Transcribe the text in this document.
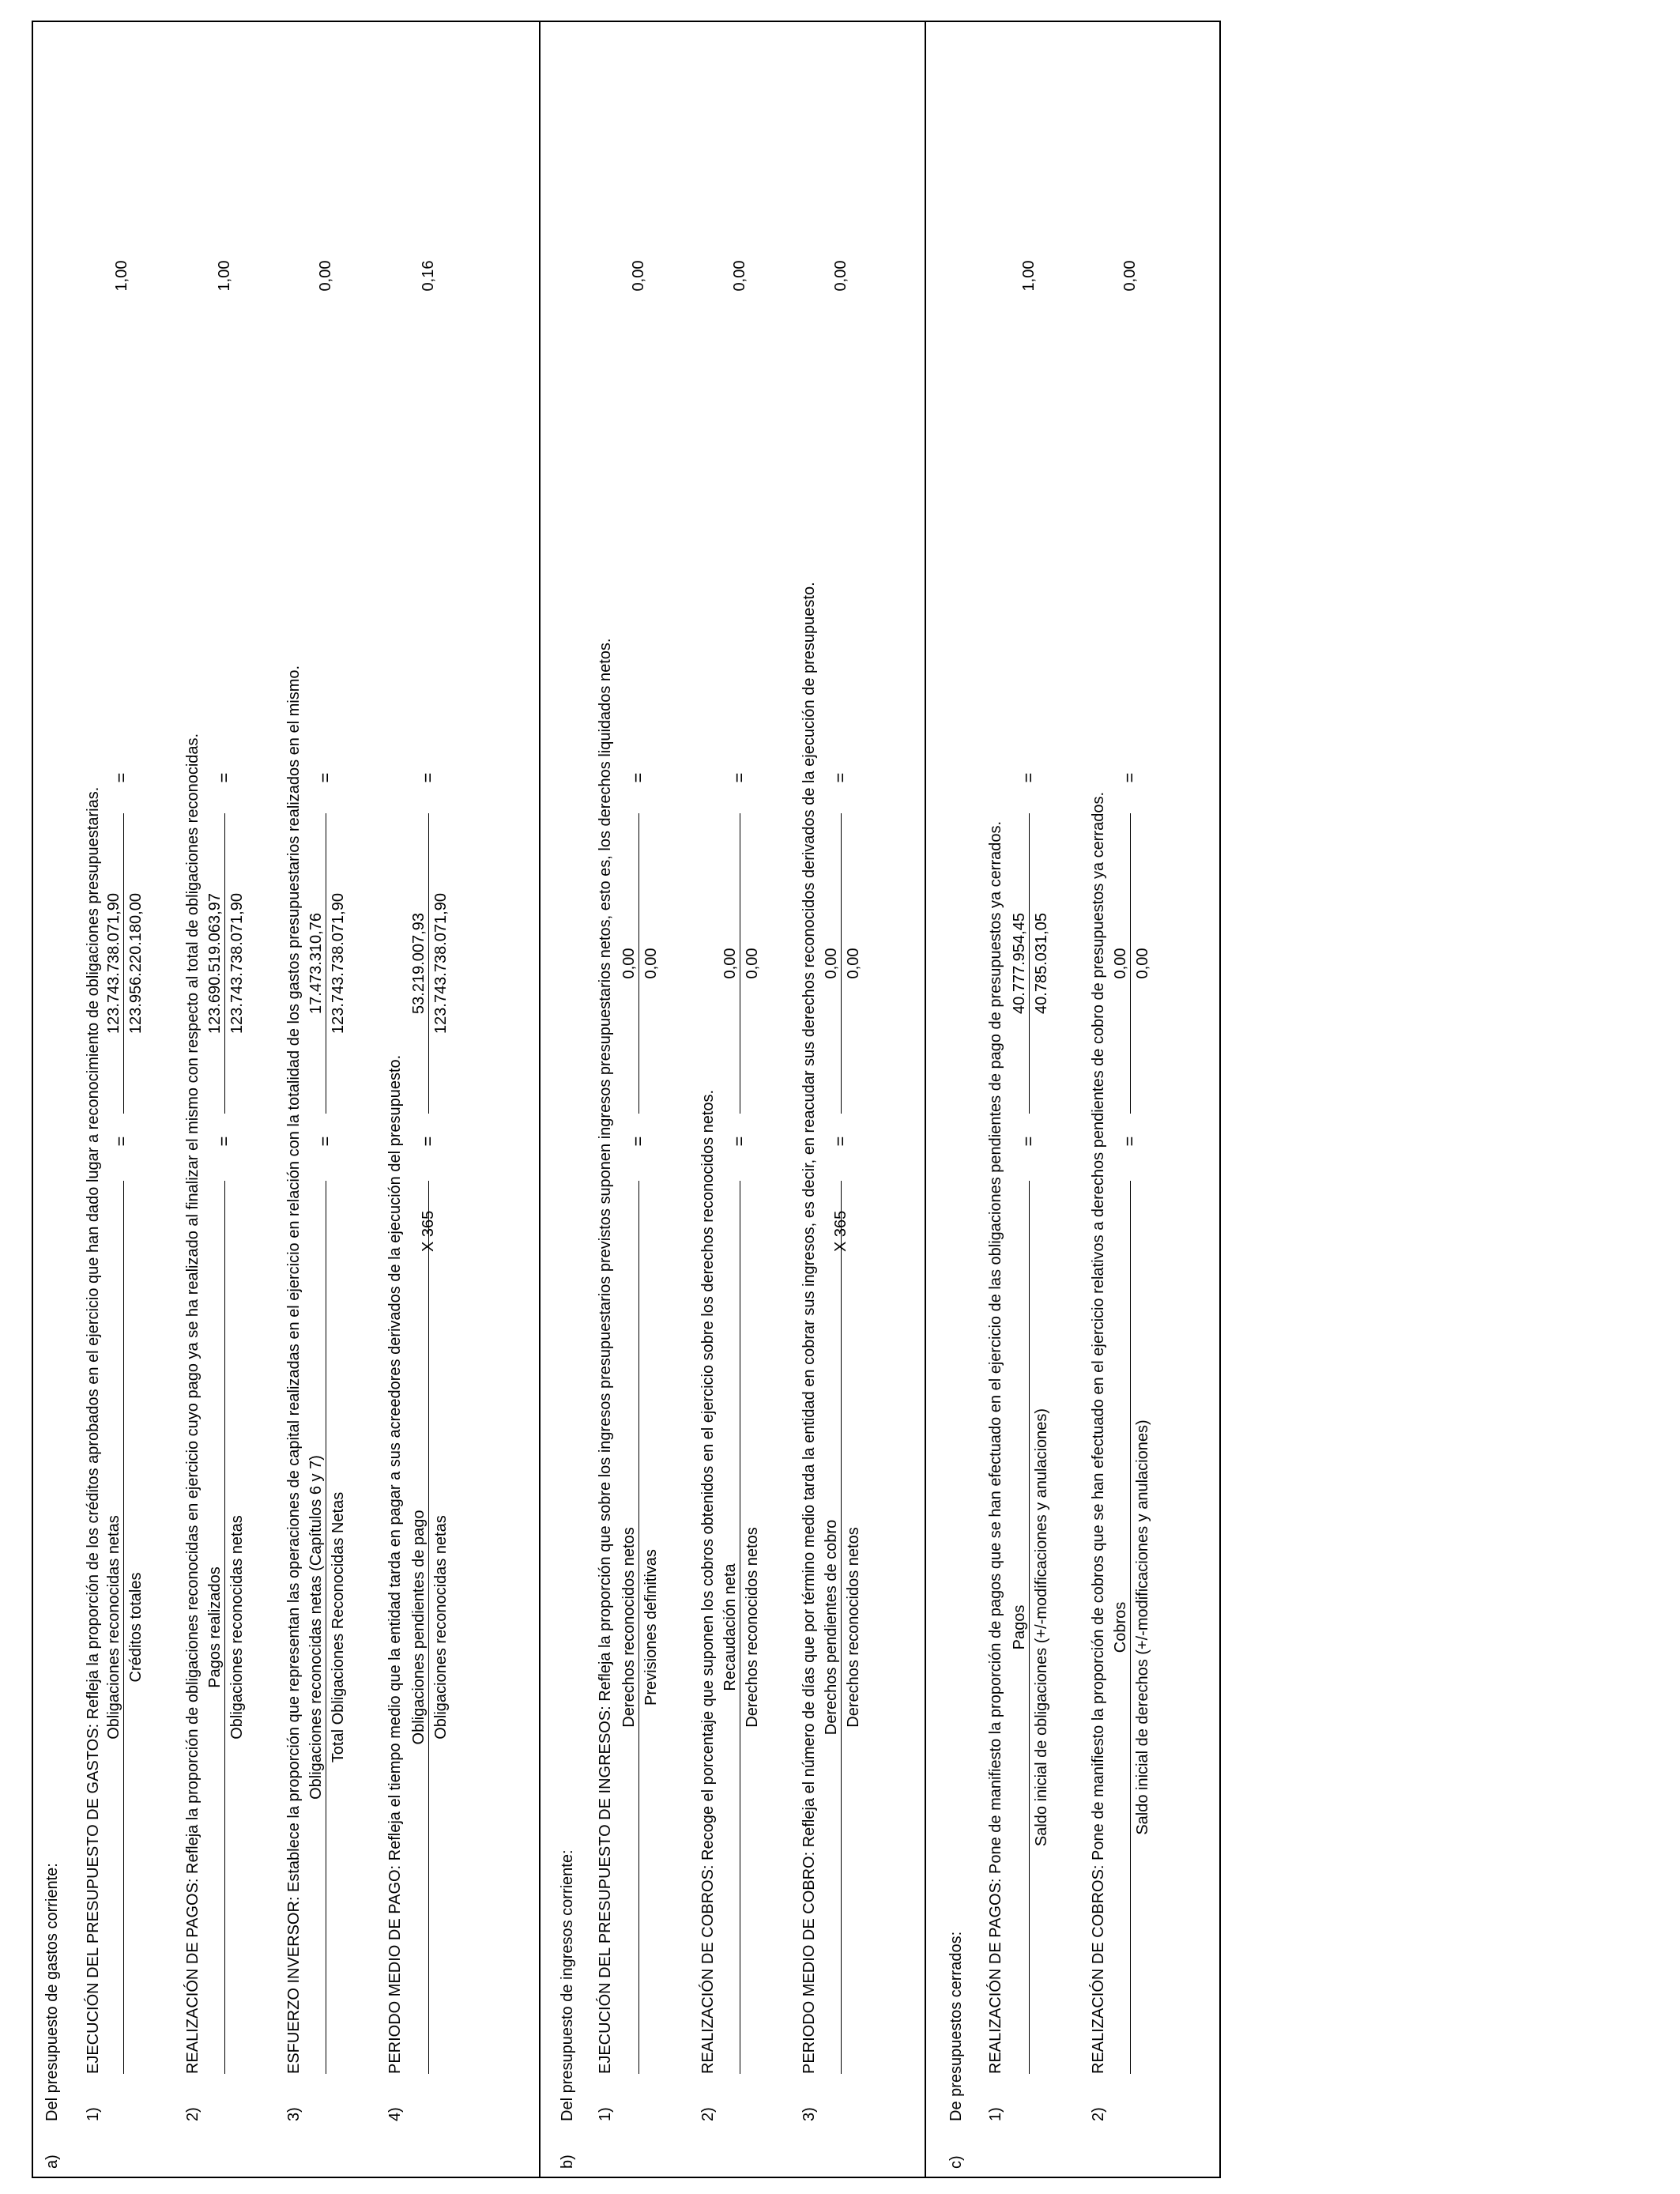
a)
Del presupuesto de gastos corriente: 1)
EJECUCIÓN DEL PRESUPUESTO DE GASTOS: Refleja la proporción de los créditos aprobados en el ejercicio que han dado lugar a reconocimiento de obligaciones presupuestarias. Obligaciones reconocidas netas Créditos totales
=
123.743.738.071,90 123.956.220.180,00
=
1,00
2)
REALIZACIÓN DE PAGOS: Refleja la proporción de obligaciones reconocidas en ejercicio cuyo pago ya se ha realizado al finalizar el mismo con respecto al total de obligaciones reconocidas. Pagos realizados Obligaciones reconocidas netas
=
123.690.519.063,97 123.743.738.071,90
=
1,00
3)
ESFUERZO INVERSOR: Establece la proporción que representan las operaciones de capital realizadas en el ejercicio en relación con la totalidad de los gastos presupuestarios realizados en el mismo. Obligaciones reconocidas netas (Capítulos 6 y 7) Total Obligaciones Reconocidas Netas
=
17.473.310,76 123.743.738.071,90
=
0,00
4)
PERIODO MEDIO DE PAGO: Refleja el tiempo medio que la entidad tarda en pagar a sus acreedores derivados de la ejecución del presupuesto. Obligaciones pendientes de pago Obligaciones reconocidas netas
X 365
=
53.219.007,93 123.743.738.071,90
=
0,16
b)
Del presupuesto de ingresos corriente: 1)
EJECUCIÓN DEL PRESUPUESTO DE INGRESOS: Refleja la proporción que sobre los ingresos presupuestarios previstos suponen ingresos presupuestarios netos, esto es, los derechos liquidados netos. Derechos reconocidos netos Previsiones definitivas
=
0,00 0,00
=
0,00
2)
REALIZACIÓN DE COBROS: Recoge el porcentaje que suponen los cobros obtenidos en el ejercicio sobre los derechos reconocidos netos. Recaudación neta Derechos reconocidos netos
=
0,00 0,00
=
0,00
3)
PERIODO MEDIO DE COBRO: Refleja el número de días que por término medio tarda la entidad en cobrar sus ingresos, es decir, en reacudar sus derechos reconocidos derivados de la ejecución de presupuesto. Derechos pendientes de cobro Derechos reconocidos netos
X 365
=
0,00 0,00
=
0,00
c)
De presupuestos cerrados: 1)
REALIZACIÓN DE PAGOS: Pone de manifiesto la proporción de pagos que se han efectuado en el ejercicio de las obligaciones pendientes de pago de presupuestos ya cerrados. Pagos Saldo inicial de obligaciones (+/-modificaciones y anulaciones)
=
40.777.954,45 40.785.031,05
=
1,00
2)
REALIZACIÓN DE COBROS: Pone de manifiesto la proporción de cobros que se han efectuado en el ejercicio relativos a derechos pendientes de cobro de presupuestos ya cerrados. Cobros Saldo inicial de derechos (+/-modificaciones y anulaciones)
=
0,00 0,00
=
0,00
